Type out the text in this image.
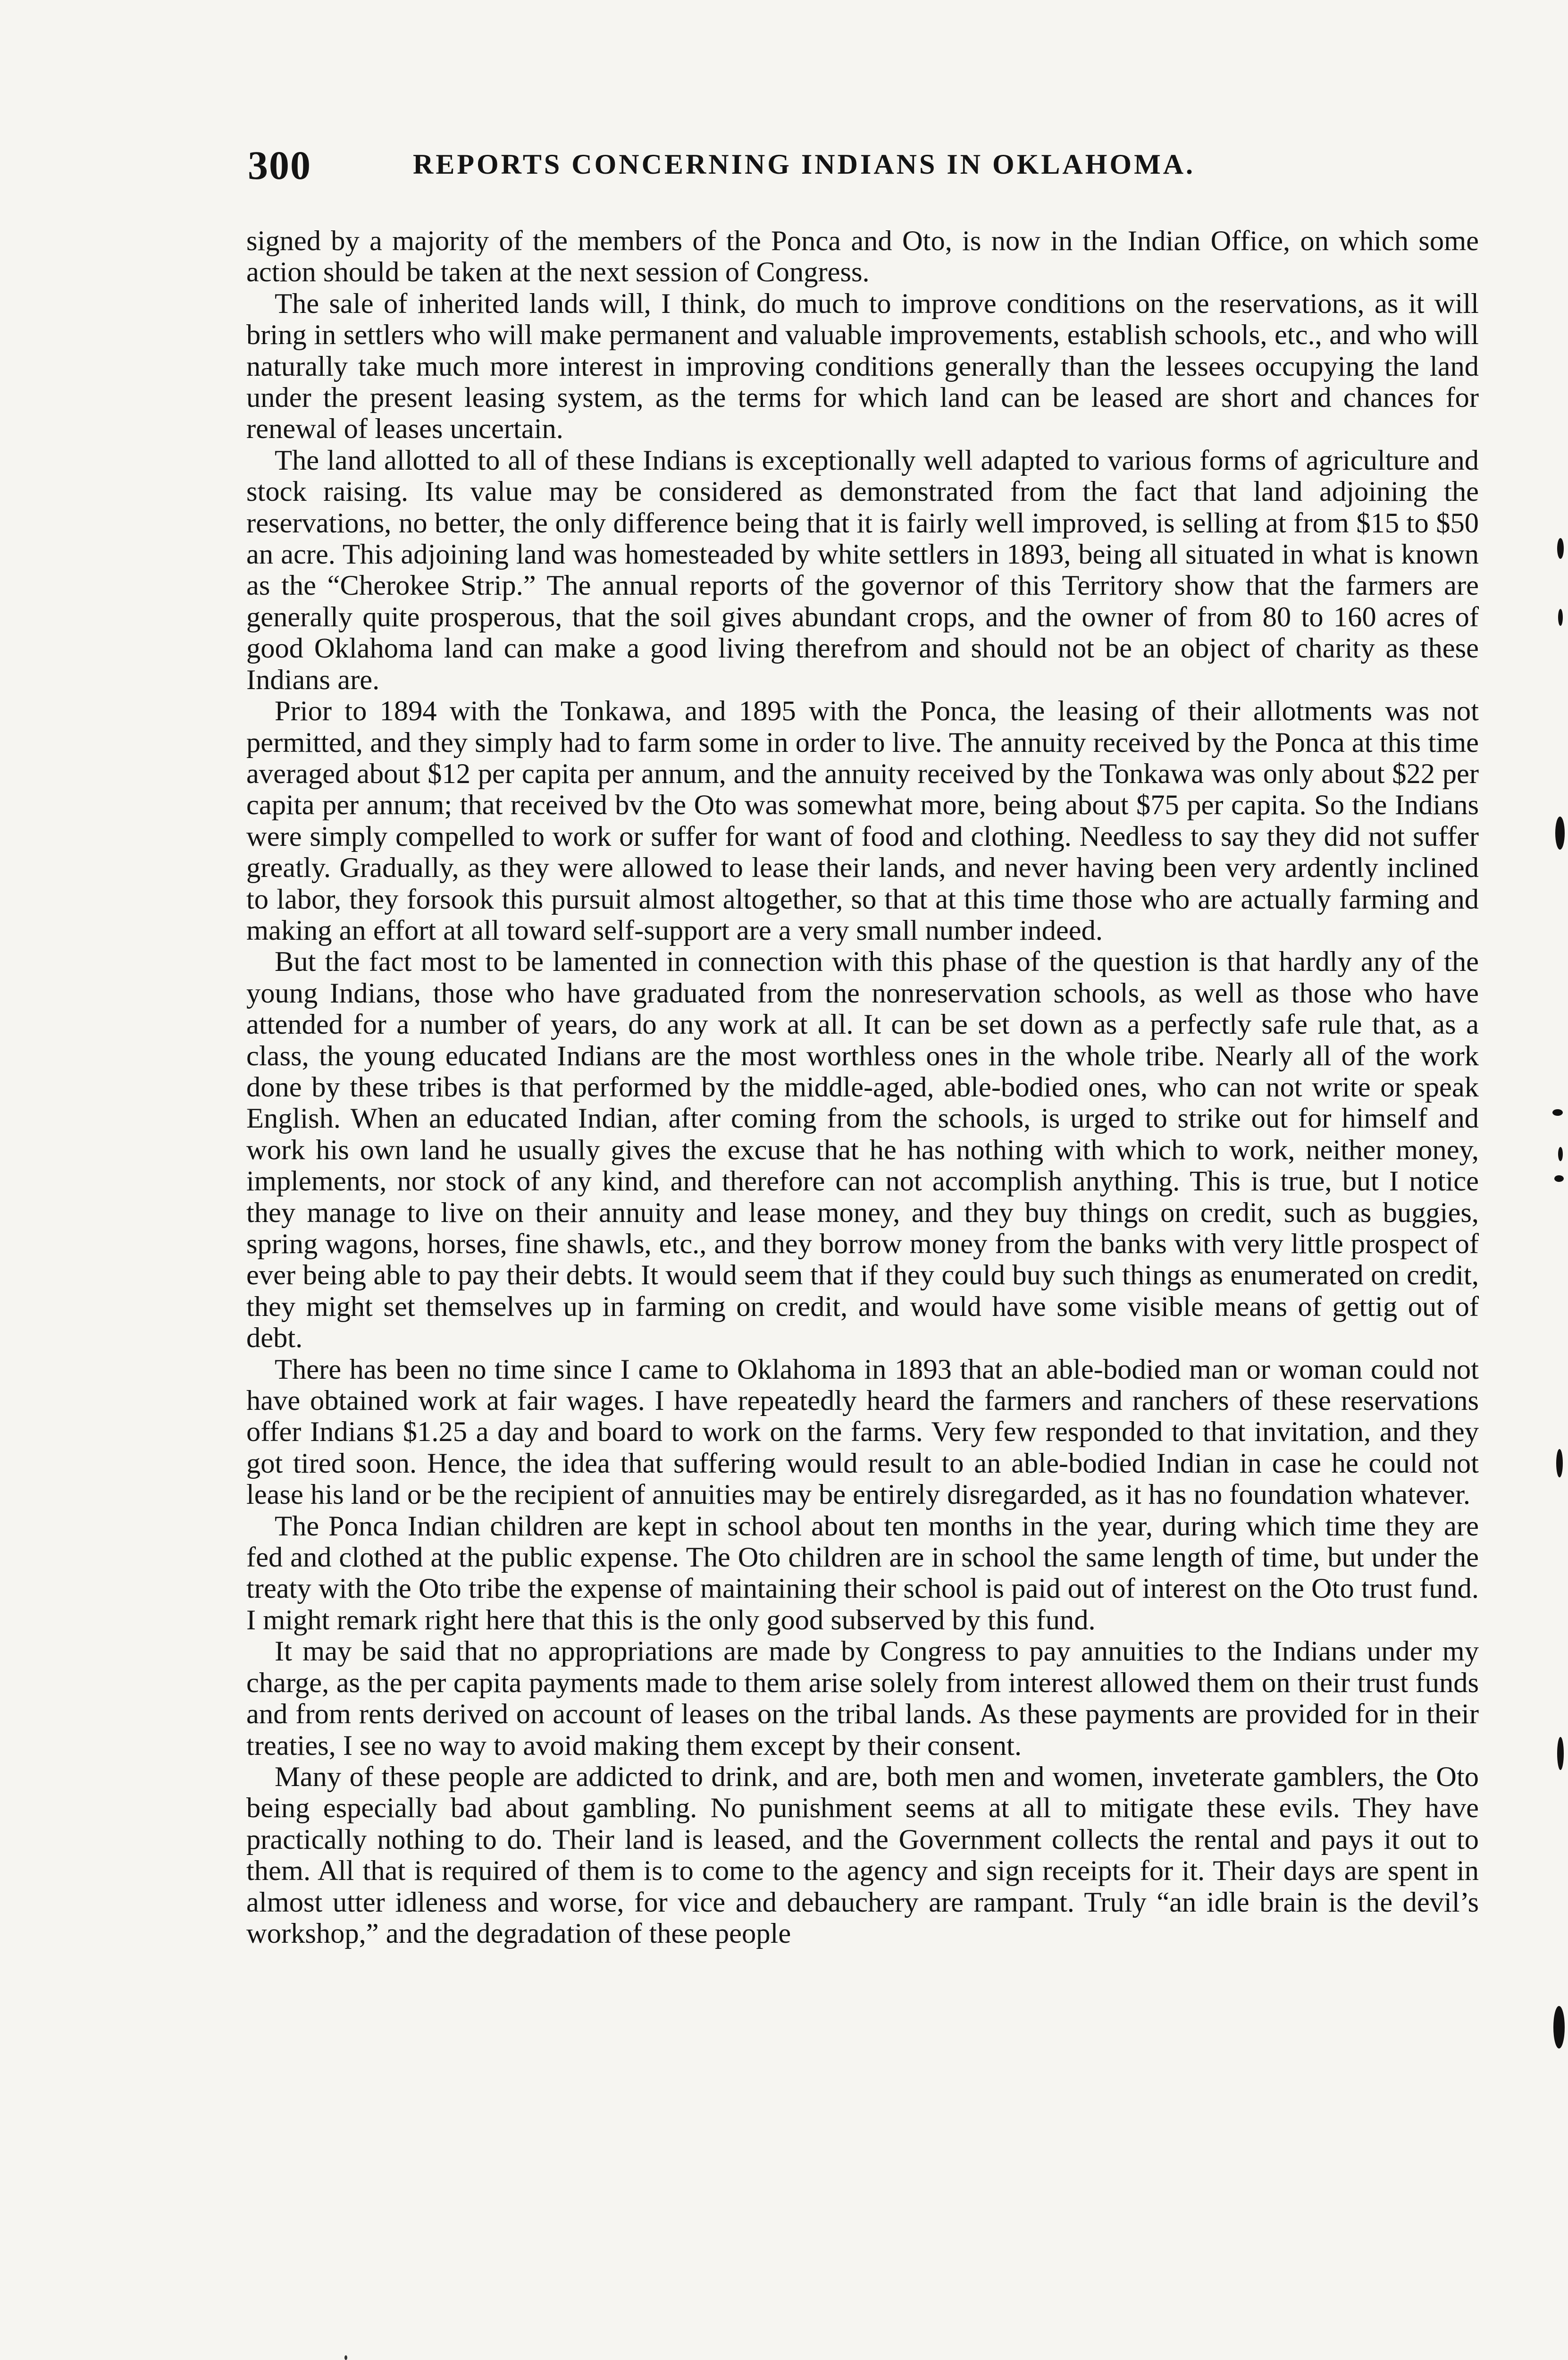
300	REPORTS CONCERNING INDIANS IN OKLAHOMA.

signed by a majority of the members of the Ponca and Oto, is now in the Indian Office, on which some action should be taken at the next session of Congress.

The sale of inherited lands will, I think, do much to improve conditions on the reservations, as it will bring in settlers who will make permanent and valuable improvements, establish schools, etc., and who will naturally take much more interest in improving conditions generally than the lessees occupying the land under the present leasing system, as the terms for which land can be leased are short and chances for renewal of leases uncertain.

The land allotted to all of these Indians is exceptionally well adapted to various forms of agriculture and stock raising. Its value may be considered as demonstrated from the fact that land adjoining the reservations, no better, the only difference being that it is fairly well improved, is selling at from $15 to $50 an acre. This adjoining land was homesteaded by white settlers in 1893, being all situated in what is known as the “Cherokee Strip.” The annual reports of the governor of this Territory show that the farmers are generally quite prosperous, that the soil gives abundant crops, and the owner of from 80 to 160 acres of good Oklahoma land can make a good living therefrom and should not be an object of charity as these Indians are.

Prior to 1894 with the Tonkawa, and 1895 with the Ponca, the leasing of their allotments was not permitted, and they simply had to farm some in order to live. The annuity received by the Ponca at this time averaged about $12 per capita per annum, and the annuity received by the Tonkawa was only about $22 per capita per annum; that received bv the Oto was somewhat more, being about $75 per capita. So the Indians were simply compelled to work or suffer for want of food and clothing. Needless to say they did not suffer greatly. Gradually, as they were allowed to lease their lands, and never having been very ardently inclined to labor, they forsook this pursuit almost altogether, so that at this time those who are actually farming and making an effort at all toward self-support are a very small number indeed.

But the fact most to be lamented in connection with this phase of the question is that hardly any of the young Indians, those who have graduated from the nonreservation schools, as well as those who have attended for a number of years, do any work at all. It can be set down as a perfectly safe rule that, as a class, the young educated Indians are the most worthless ones in the whole tribe. Nearly all of the work done by these tribes is that performed by the middle-aged, able-bodied ones, who can not write or speak English. When an educated Indian, after coming from the schools, is urged to strike out for himself and work his own land he usually gives the excuse that he has nothing with which to work, neither money, implements, nor stock of any kind, and therefore can not accomplish anything. This is true, but I notice they manage to live on their annuity and lease money, and they buy things on credit, such as buggies, spring wagons, horses, fine shawls, etc., and they borrow money from the banks with very little prospect of ever being able to pay their debts. It would seem that if they could buy such things as enumerated on credit, they might set themselves up in farming on credit, and would have some visible means of gettig out of debt.

There has been no time since I came to Oklahoma in 1893 that an able-bodied man or woman could not have obtained work at fair wages. I have repeatedly heard the farmers and ranchers of these reservations offer Indians $1.25 a day and board to work on the farms. Very few responded to that invitation, and they got tired soon. Hence, the idea that suffering would result to an able-bodied Indian in case he could not lease his land or be the recipient of annuities may be entirely disregarded, as it has no foundation whatever.

The Ponca Indian children are kept in school about ten months in the year, during which time they are fed and clothed at the public expense. The Oto children are in school the same length of time, but under the treaty with the Oto tribe the expense of maintaining their school is paid out of interest on the Oto trust fund. I might remark right here that this is the only good subserved by this fund.

It may be said that no appropriations are made by Congress to pay annuities to the Indians under my charge, as the per capita payments made to them arise solely from interest allowed them on their trust funds and from rents derived on account of leases on the tribal lands. As these payments are provided for in their treaties, I see no way to avoid making them except by their consent.

Many of these people are addicted to drink, and are, both men and women, inveterate gamblers, the Oto being especially bad about gambling. No punishment seems at all to mitigate these evils. They have practically nothing to do. Their land is leased, and the Government collects the rental and pays it out to them. All that is required of them is to come to the agency and sign receipts for it. Their days are spent in almost utter idleness and worse, for vice and debauchery are rampant. Truly “an idle brain is the devil’s workshop,” and the degradation of these people
